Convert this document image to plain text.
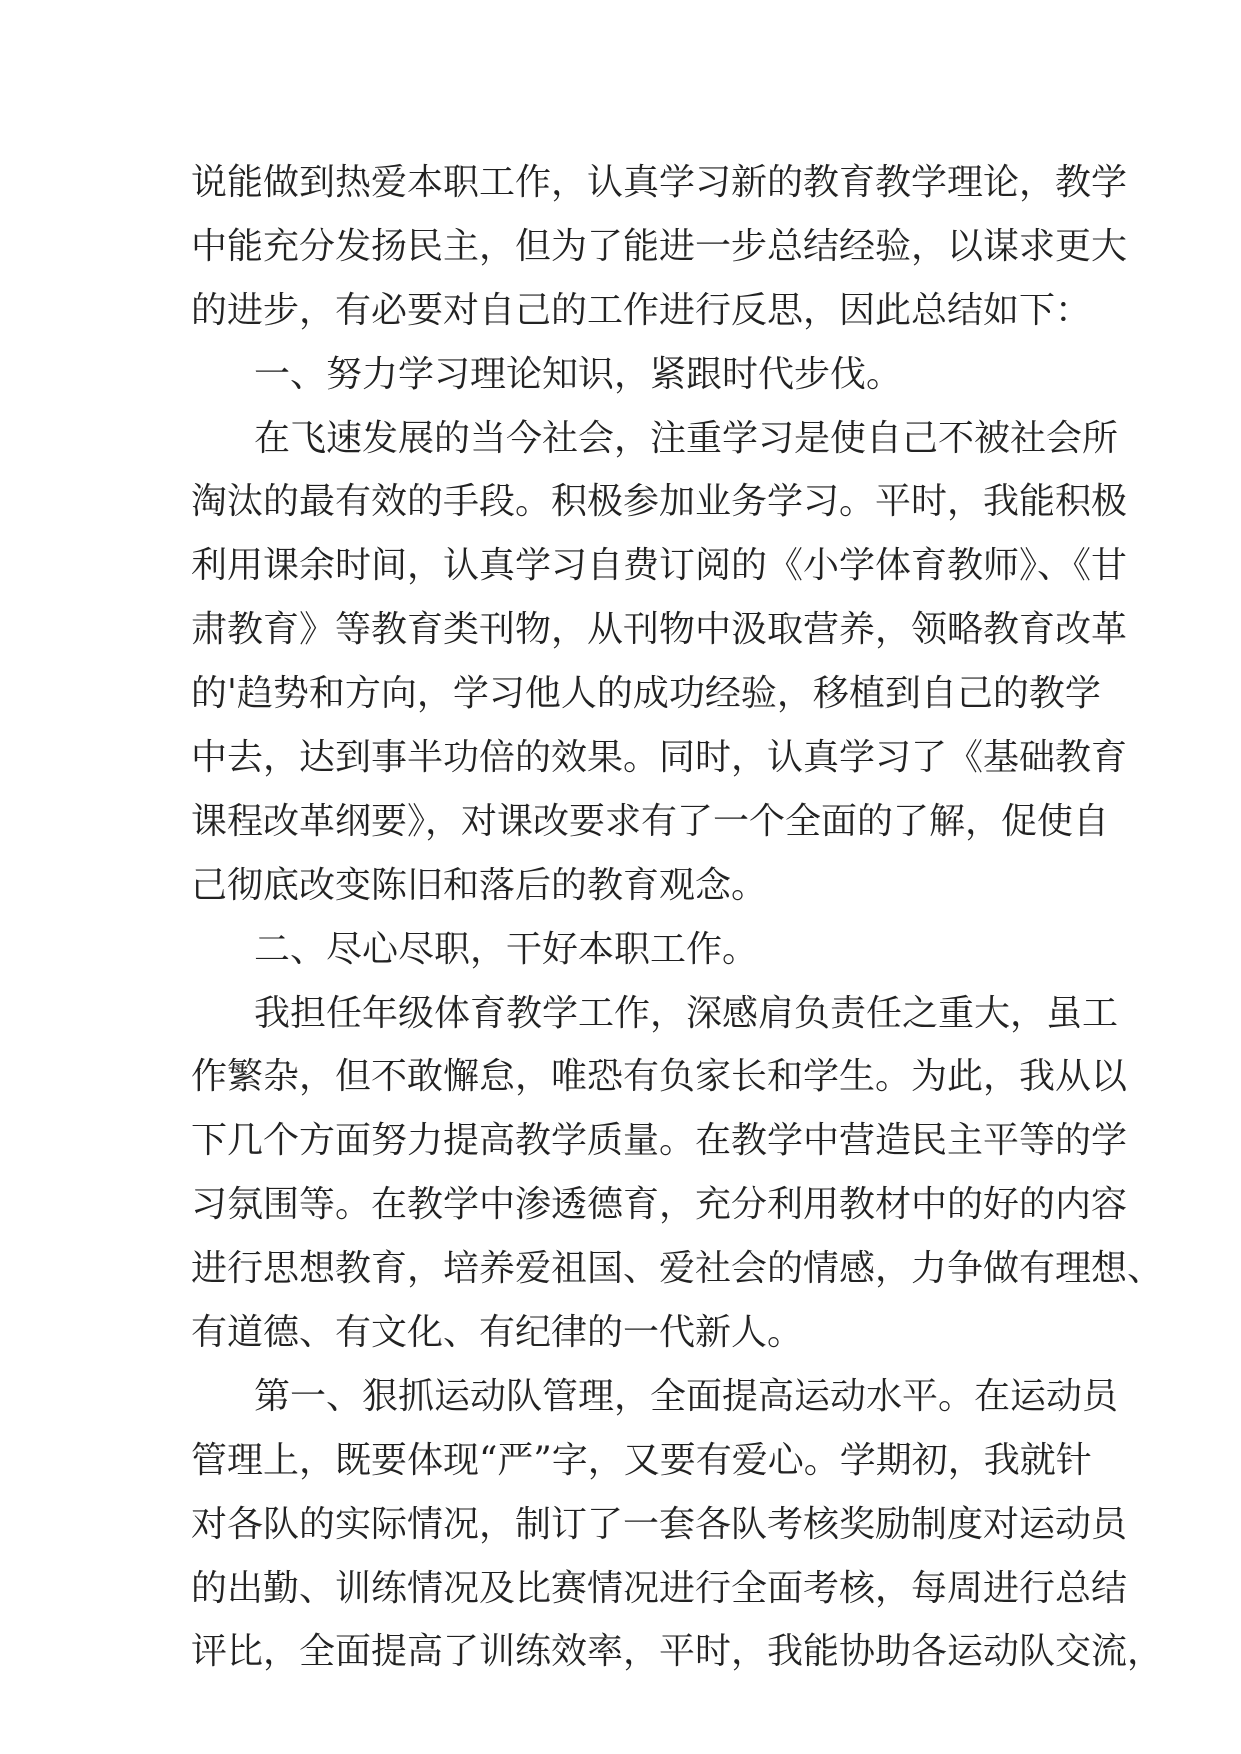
说能做到热爱本职工作，认真学习新的教育教学理论，教学
中能充分发扬民主，但为了能进一步总结经验，以谋求更大
的进步，有必要对自己的工作进行反思，因此总结如下：
一、努力学习理论知识，紧跟时代步伐。
在飞速发展的当今社会，注重学习是使自己不被社会所
淘汰的最有效的手段。积极参加业务学习。平时，我能积极
利用课余时间，认真学习自费订阅的《小学体育教师》、《甘
肃教育》等教育类刊物，从刊物中汲取营养，领略教育改革
的'趋势和方向，学习他人的成功经验，移植到自己的教学
中去，达到事半功倍的效果。同时，认真学习了《基础教育
课程改革纲要》，对课改要求有了一个全面的了解，促使自
己彻底改变陈旧和落后的教育观念。
二、尽心尽职，干好本职工作。
我担任年级体育教学工作，深感肩负责任之重大，虽工
作繁杂，但不敢懈怠，唯恐有负家长和学生。为此，我从以
下几个方面努力提高教学质量。在教学中营造民主平等的学
习氛围等。在教学中渗透德育，充分利用教材中的好的内容
进行思想教育，培养爱祖国、爱社会的情感，力争做有理想、
有道德、有文化、有纪律的一代新人。
第一、狠抓运动队管理，全面提高运动水平。在运动员
管理上，既要体现“严”字，又要有爱心。学期初，我就针
对各队的实际情况，制订了一套各队考核奖励制度对运动员
的出勤、训练情况及比赛情况进行全面考核，每周进行总结
评比，全面提高了训练效率，平时，我能协助各运动队交流，
